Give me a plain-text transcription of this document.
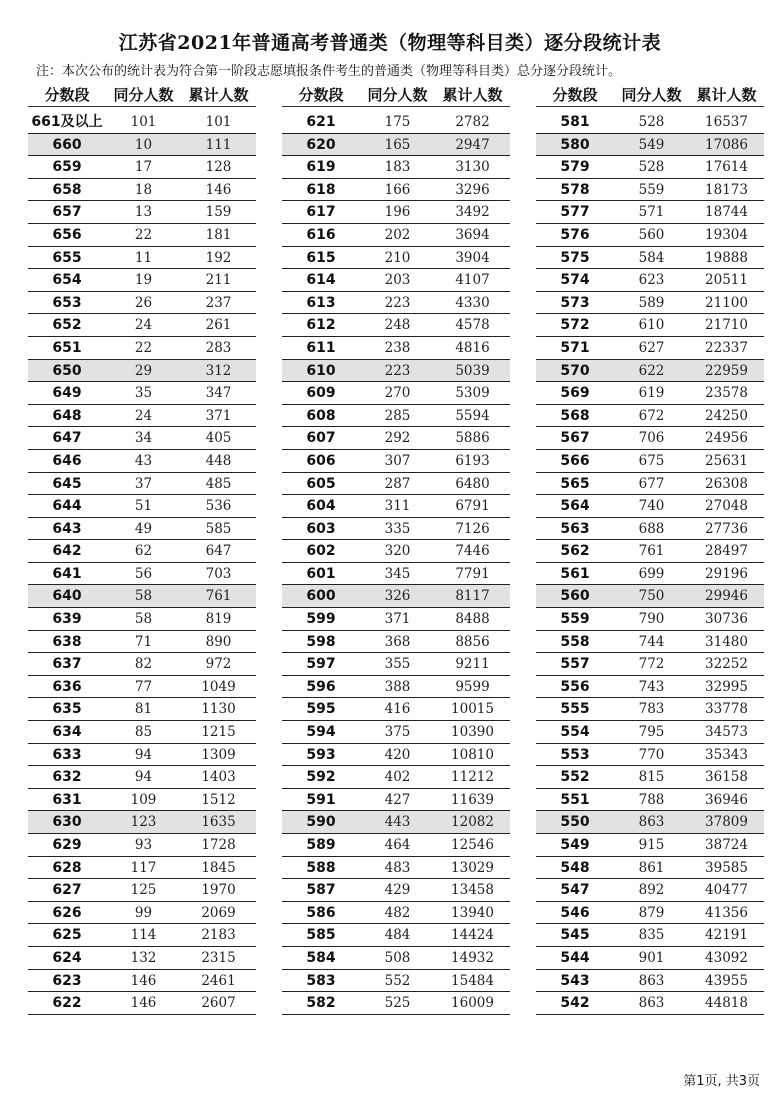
江苏省2021年普通高考普通类（物理等科目类）逐分段统计表
注：本次公布的统计表为符合第一阶段志愿填报条件考生的普通类（物理等科目类）总分逐分段统计。
分数段	同分人数 累计人数
661及以上	101	101
660	10	111
659	17	128
658	18	146
657	13	159
656	22	181
655	11	192
654	19	211
653	26	237
652	24	261
651	22	283
650	29	312
649	35	347
648	24	371
647	34	405
646	43	448
645	37	485
644	51	536
643	49	585
642	62	647
641	56	703
640	58	761
639	58	819
638	71	890
637	82	972
636	77	1049
635	81	1130
634	85	1215
633	94	1309
632	94	1403
631	109	1512
630	123	1635
629	93	1728
628	117	1845
627	125	1970
626	99	2069
625	114	2183
624	132	2315
623	146	2461
622	146	2607
分数段	同分人数 累计人数
621	175	2782
620	165	2947
619	183	3130
618	166	3296
617	196	3492
616	202	3694
615	210	3904
614	203	4107
613	223	4330
612	248	4578
611	238	4816
610	223	5039
609	270	5309
608	285	5594
607	292	5886
606	307	6193
605	287	6480
604	311	6791
603	335	7126
602	320	7446
601	345	7791
600	326	8117
599	371	8488
598	368	8856
597	355	9211
596	388	9599
595	416	10015
594	375	10390
593	420	10810
592	402	11212
591	427	11639
590	443	12082
589	464	12546
588	483	13029
587	429	13458
586	482	13940
585	484	14424
584	508	14932
583	552	15484
582	525	16009
分数段	同分人数 累计人数
581	528	16537
580	549	17086
579	528	17614
578	559	18173
577	571	18744
576	560	19304
575	584	19888
574	623	20511
573	589	21100
572	610	21710
571	627	22337
570	622	22959
569	619	23578
568	672	24250
567	706	24956
566	675	25631
565	677	26308
564	740	27048
563	688	27736
562	761	28497
561	699	29196
560	750	29946
559	790	30736
558	744	31480
557	772	32252
556	743	32995
555	783	33778
554	795	34573
553	770	35343
552	815	36158
551	788	36946
550	863	37809
549	915	38724
548	861	39585
547	892	40477
546	879	41356
545	835	42191
544	901	43092
543	863	43955
542	863	44818
第1页, 共3页
